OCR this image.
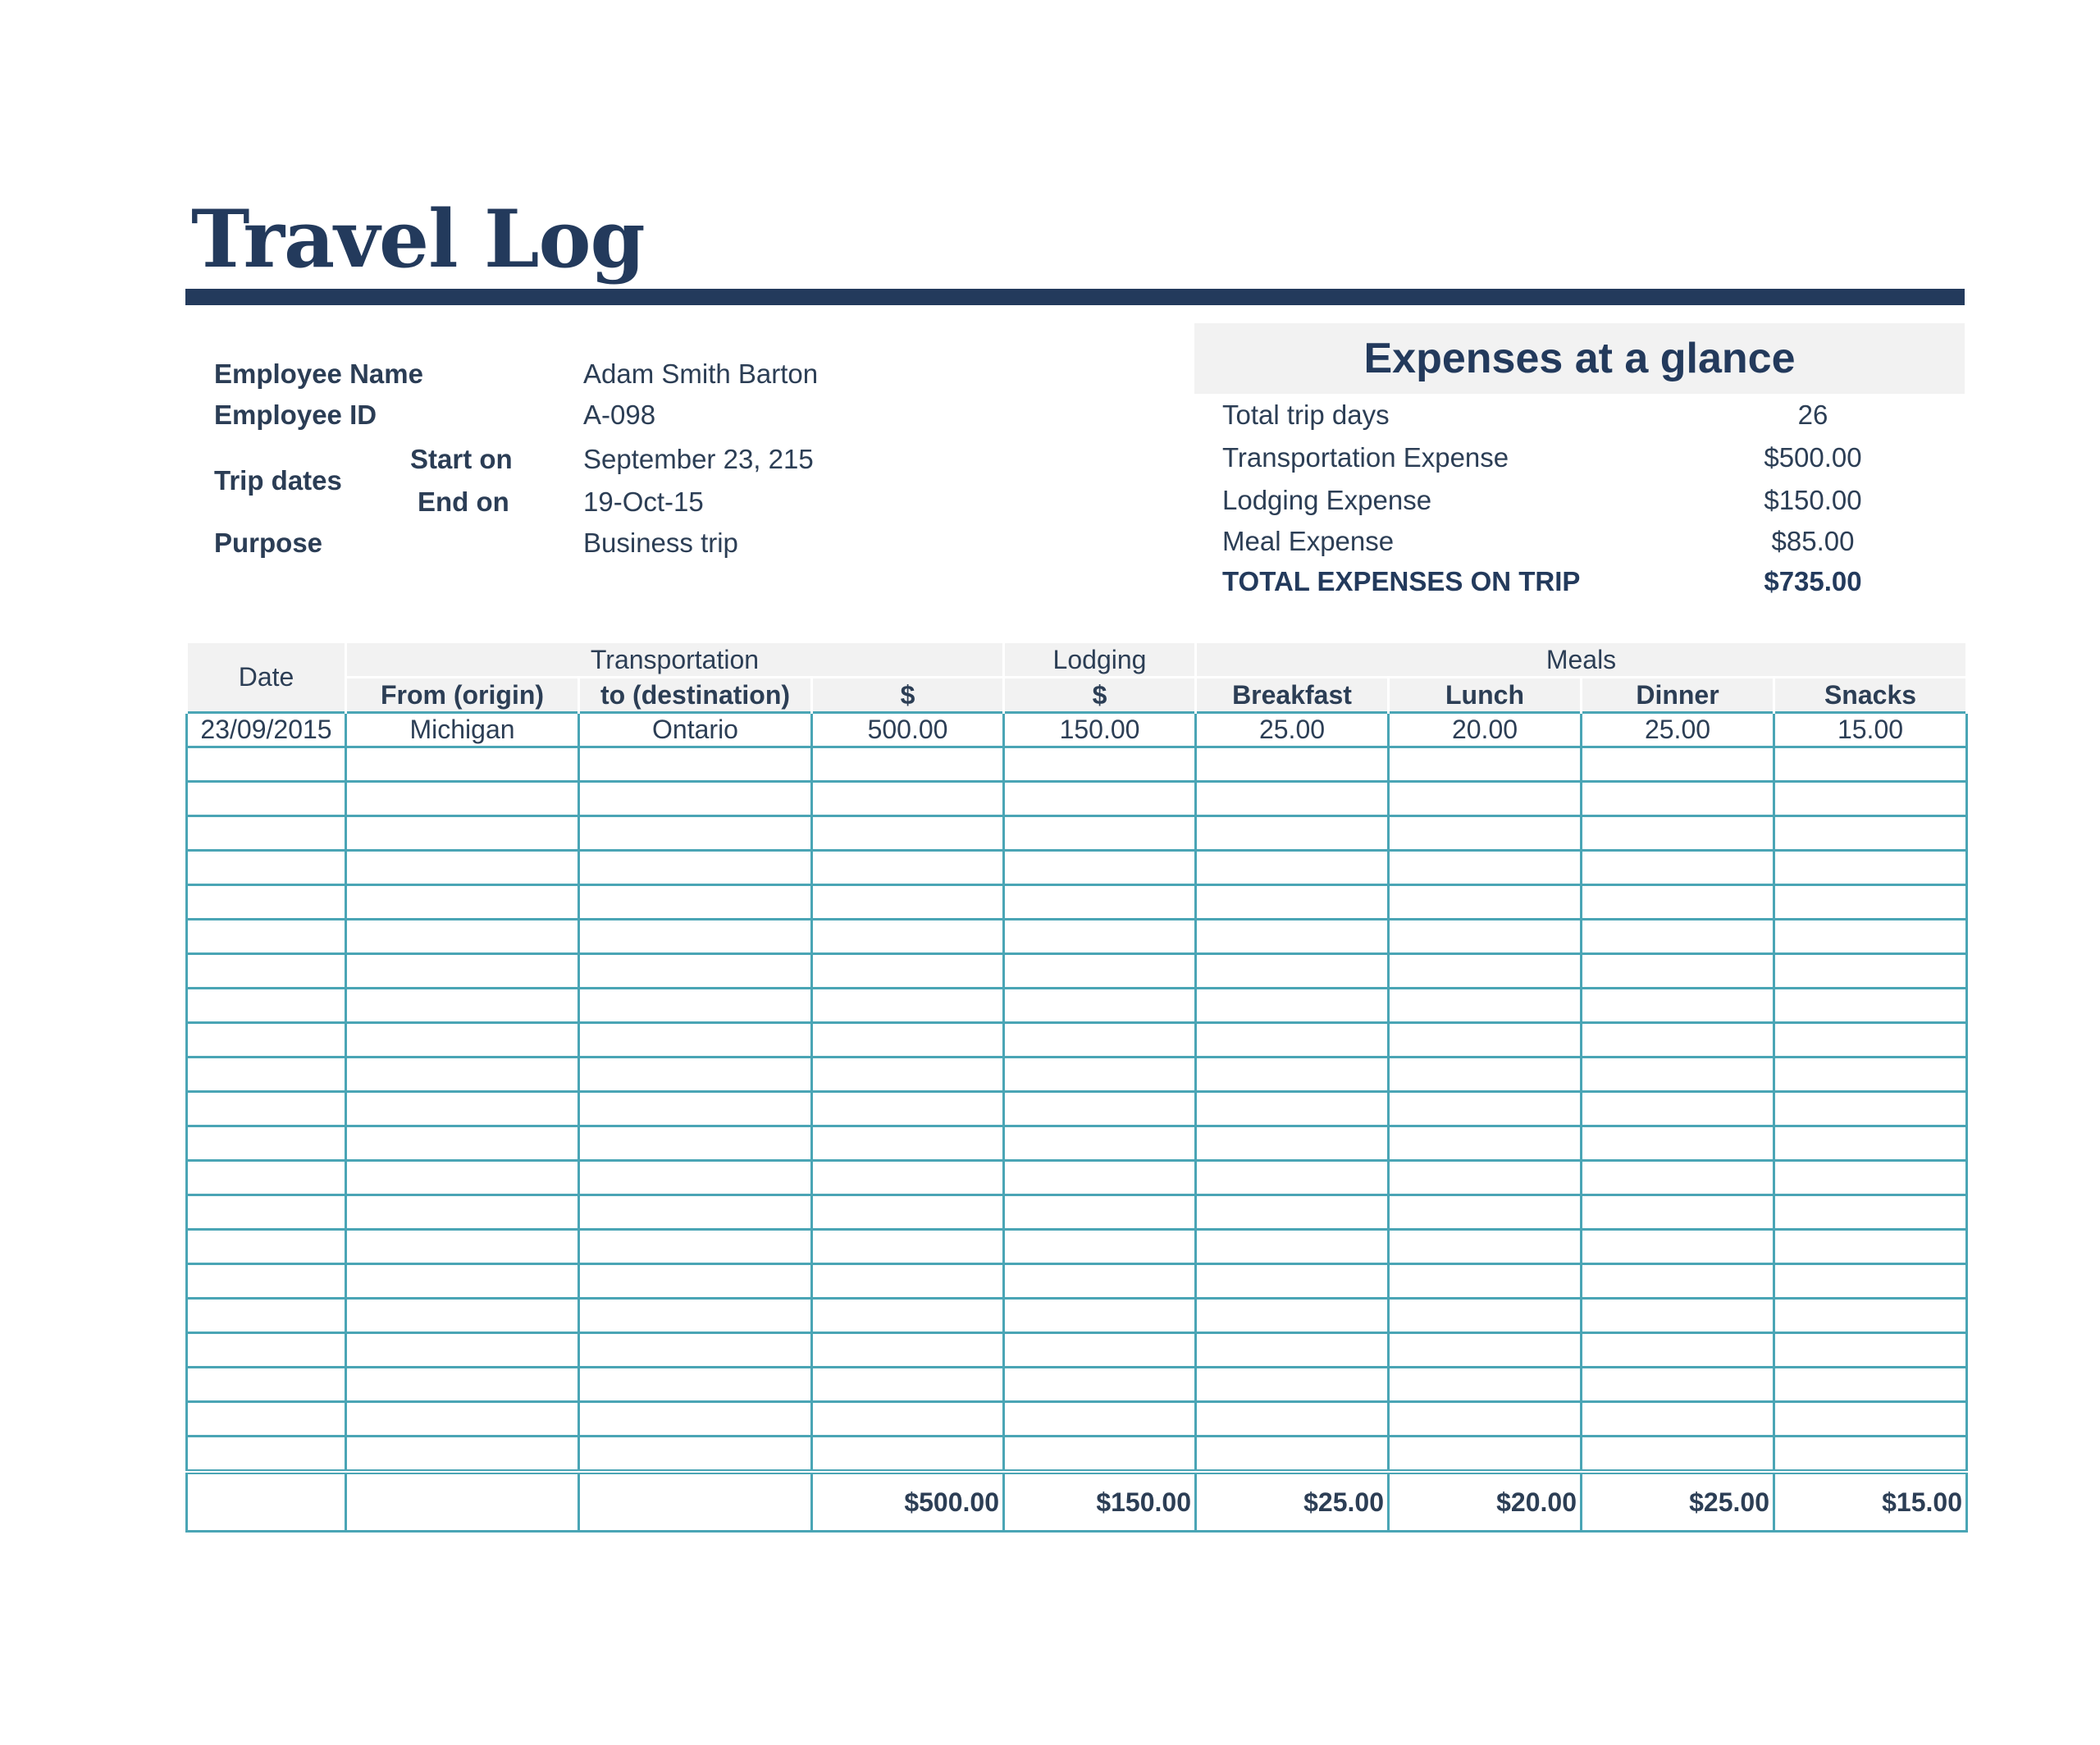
Travel Log
Employee Name	Adam Smith Barton
Employee ID	A-098
Trip dates
Start on	September 23, 215
End on	19-Oct-15
Purpose	Business trip
Expenses at a glance
Total trip days	26
Transportation Expense	$500.00
Lodging Expense	$150.00
Meal Expense	$85.00
TOTAL EXPENSES ON TRIP	$735.00
Date	Transportation			Lodging	Meals			
	From (origin)	to (destination)	$	$	Breakfast	Lunch	Dinner	Snacks
23/09/2015	Michigan	Ontario	500.00	150.00	25.00	20.00	25.00	15.00

			$500.00	$150.00	$25.00	$20.00	$25.00	$15.00
